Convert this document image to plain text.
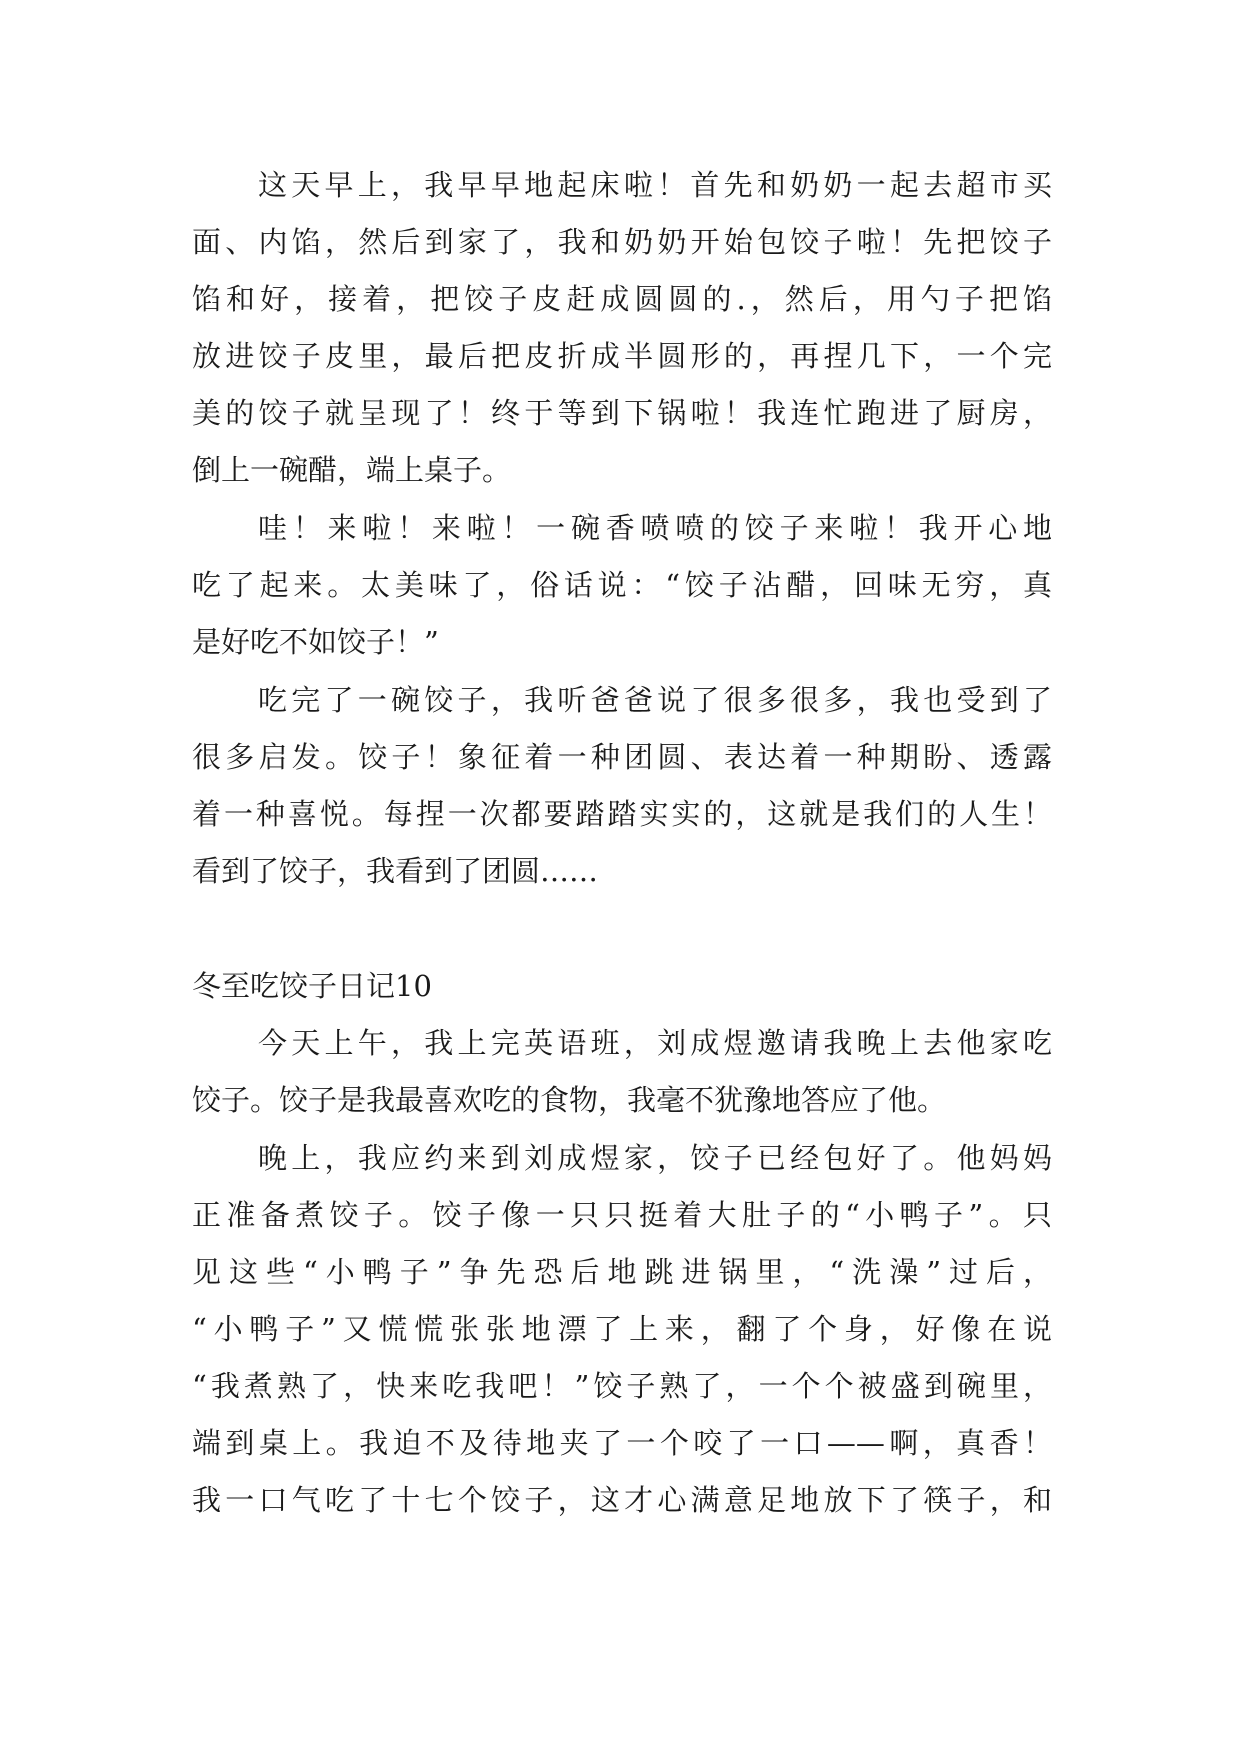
这天早上，我早早地起床啦！首先和奶奶一起去超市买
面、内馅，然后到家了，我和奶奶开始包饺子啦！先把饺子
馅和好，接着，把饺子皮赶成圆圆的.，然后，用勺子把馅
放进饺子皮里，最后把皮折成半圆形的，再捏几下，一个完
美的饺子就呈现了！终于等到下锅啦！我连忙跑进了厨房，
倒上一碗醋，端上桌子。
哇！来啦！来啦！一碗香喷喷的饺子来啦！我开心地
吃了起来。太美味了，俗话说：“饺子沾醋，回味无穷，真
是好吃不如饺子！”
吃完了一碗饺子，我听爸爸说了很多很多，我也受到了
很多启发。饺子！象征着一种团圆、表达着一种期盼、透露
着一种喜悦。每捏一次都要踏踏实实的，这就是我们的人生！
看到了饺子，我看到了团圆……
冬至吃饺子日记10
今天上午，我上完英语班，刘成煜邀请我晚上去他家吃
饺子。饺子是我最喜欢吃的食物，我毫不犹豫地答应了他。
晚上，我应约来到刘成煜家，饺子已经包好了。他妈妈
正准备煮饺子。饺子像一只只挺着大肚子的“小鸭子”。只
见这些“小鸭子”争先恐后地跳进锅里，“洗澡”过后，
“小鸭子”又慌慌张张地漂了上来，翻了个身，好像在说
“我煮熟了，快来吃我吧！”饺子熟了，一个个被盛到碗里，
端到桌上。我迫不及待地夹了一个咬了一口——啊，真香！
我一口气吃了十七个饺子，这才心满意足地放下了筷子，和
